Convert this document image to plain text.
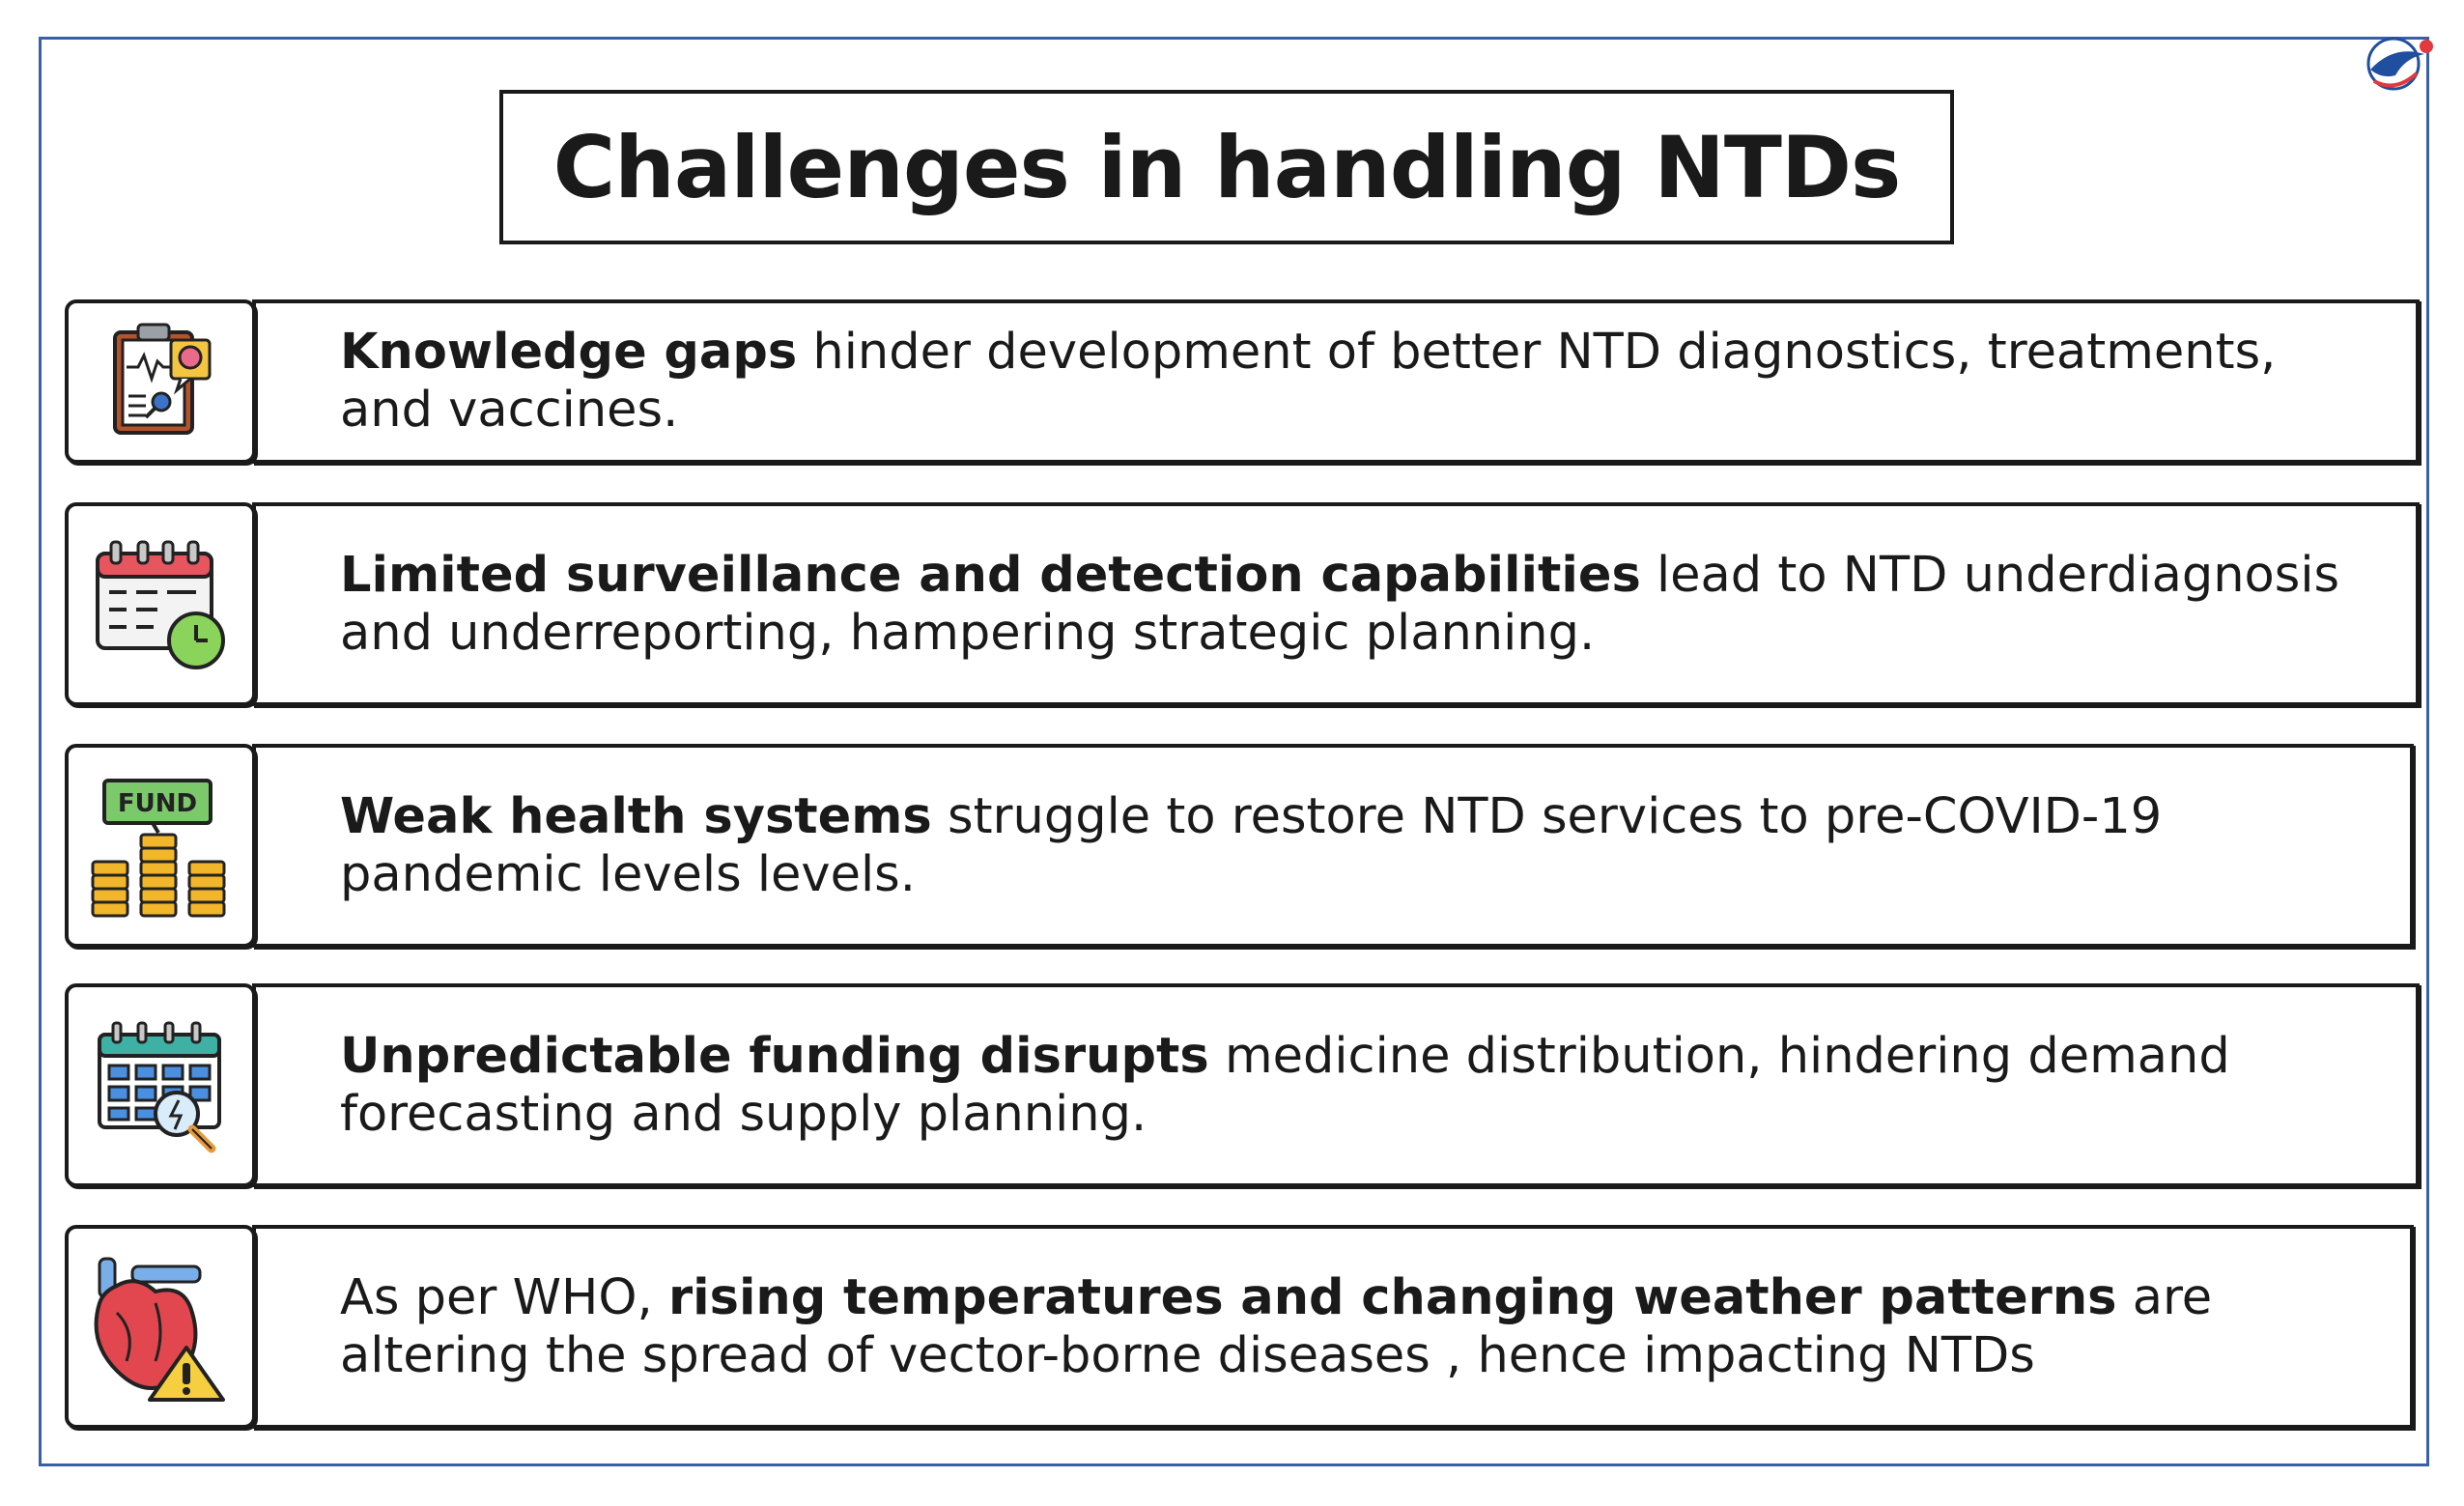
Challenges in handling NTDs

Knowledge gaps hinder development of better NTD diagnostics, treatments, and vaccines.

Limited surveillance and detection capabilities lead to NTD underdiagnosis and underreporting, hampering strategic planning.

FUND	Weak health systems struggle to restore NTD services to pre-COVID-19 pandemic levels levels.

Unpredictable funding disrupts medicine distribution, hindering demand forecasting and supply planning.

As per WHO, rising temperatures and changing weather patterns are altering the spread of vector-borne diseases , hence impacting NTDs
